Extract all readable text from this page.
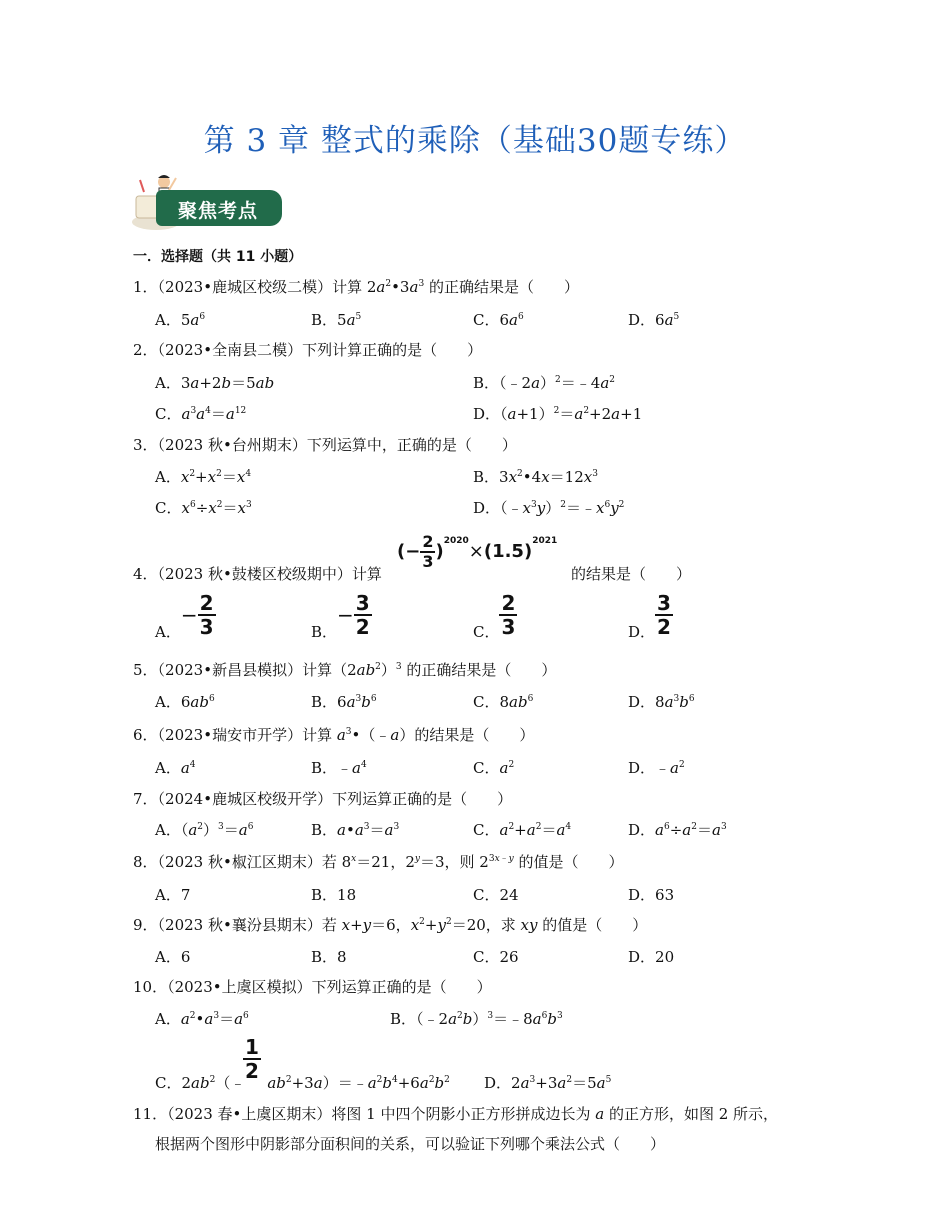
第 3 章 整式的乘除（基础30题专练）
聚焦考点
一．选择题（共 11 小题）
1．（2023•鹿城区校级二模）计算 $2a^2•3a^3$ 的正确结果是（　　）
A．$5a^6$	B．$5a^5$	C．$6a^6$	D．$6a^5$
2．（2023•全南县二模）下列计算正确的是（　　）
A．3a+2b＝5ab	B．$(﹣2a)^2=﹣4a^2$
C．$a^3a^4=a^{12}$	D．$(a+1)^2=a^2+2a+1$
3．（2023 秋•台州期末）下列运算中，正确的是（　　）
A．$x^2+x^2=x^4$	B．$3x^2•4x=12x^3$
C．$x^6\div x^2=x^3$	D．$(﹣x^3y)^2=﹣x^6y^2$
4．（2023 秋•鼓楼区校级期中）计算
(− $\frac{2}{3} )^{2020}\times(1.5)^{2021}$
的结果是（　　）
A．− $\frac{2}{3}$	B．− $\frac{3}{2}$	C． $\frac{2}{3}$	D． $\frac{3}{2}$
5．（2023•新昌县模拟）计算$(2ab^2)^3$ 的正确结果是（　　）
A．$6ab^6$	B．$6a^3b^6$	C．$8ab^6$	D．$8a^3b^6$
6．（2023•瑞安市开学）计算 $a^3•(﹣a)$的结果是（　　）
A．$a^4$	B．$﹣a^4$	C．$a^2$	D．$﹣a^2$
7．（2024•鹿城区校级开学）下列运算正确的是（　　）
A．$(a^2)^3=a^6$	B．$a•a^3=a^3$	C．$a^2+a^2=a^4$	D．$a^6\div a^2=a^3$
8．（2023 秋•椒江区期末）若 $8^x=21$，$2^y=3$，则 $2^{3x﹣y}$ 的值是（　　）
A．7	B．18	C．24	D．63
9．（2023 秋•襄汾县期末）若 x+y＝6，$x^2+y^2=20$，求 xy 的值是（　　）
A．6	B．8	C．26	D．20
10．（2023•上虞区模拟）下列运算正确的是（　　）
A．$a^2•a^3=a^6$	B．$(﹣2a^2b)^3=﹣8a^6b^3$
$\frac{1}{2}$
C．$2ab^2(﹣$ $ab^2+3a)=﹣a^2b^4+6a^2b^2$ D．$2a^3+3a^2=5a^5$
11．（2023 春•上虞区期末）将图 1 中四个阴影小正方形拼成边长为 a 的正方形，如图 2 所示，
根据两个图形中阴影部分面积间的关系，可以验证下列哪个乘法公式（　　）
